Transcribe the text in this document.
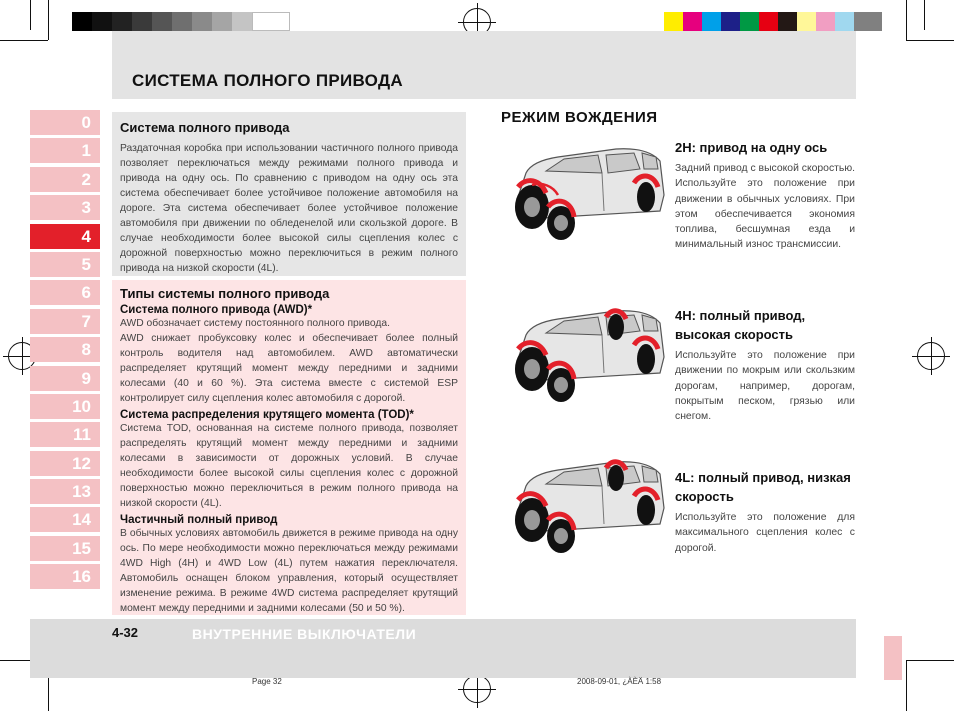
СИСТЕМА ПОЛНОГО ПРИВОДА
0
1
2
3
4
5
6
7
8
9
10
11
12
13
14
15
16
Система полного привода
Раздаточная коробка при использовании частичного полного привода позволяет переключаться между режимами полного привода и привода на одну ось. По сравнению с приводом на одну ось эта система обеспечивает более устойчивое положение автомобиля на дороге. Эта система обеспечивает более устойчивое положение автомобиля при движении по обледенелой или скользкой дороге. В случае необходимости более высокой силы сцепления колес с дорожной поверхностью можно переключиться в режим полного привода на низкой скорости (4L).
Типы системы полного привода
Система полного привода (AWD)*
AWD обозначает систему постоянного полного привода.
AWD снижает пробуксовку колес и обеспечивает более полный контроль водителя над автомобилем. AWD автоматически распределяет крутящий момент между передними и задними колесами (40 и 60 %). Эта система вместе с системой ESP контролирует силу сцепления колес автомобиля с дорогой.
Система распределения крутящего момента (TOD)*
Система TOD, основанная на системе полного привода, позволяет распределять крутящий момент между передними и задними колесами в зависимости от дорожных условий. В случае необходимости более высокой силы сцепления колес с дорожной поверхностью можно переключиться в режим полного привода на низкой скорости (4L).
Частичный полный привод
В обычных условиях автомобиль движется в режиме привода на одну ось. По мере необходимости можно переключаться между режимами 4WD High (4H) и 4WD Low (4L) путем нажатия переключателя. Автомобиль оснащен блоком управления, который осуществляет изменение режима. В режиме 4WD система распределяет крутящий момент между передними и задними колесами (50 и 50 %).
РЕЖИМ ВОЖДЕНИЯ
2H: привод на одну ось
Задний привод с высокой скоростью. Используйте это положение при движении в обычных условиях. При этом обеспечивается экономия топлива, бесшумная езда и минимальный износ трансмиссии.
4H: полный привод, высокая скорость
Используйте это положение при движении по мокрым или скользким дорогам, например, дорогам, покрытым песком, грязью или снегом.
4L: полный привод, низкая скорость
Используйте это положение для максимального сцепления колес с дорогой.
4-32	ВНУТРЕННИЕ ВЫКЛЮЧАТЕЛИ
Page 32	2008-09-01, ¿ÀÈÄ 1:58
